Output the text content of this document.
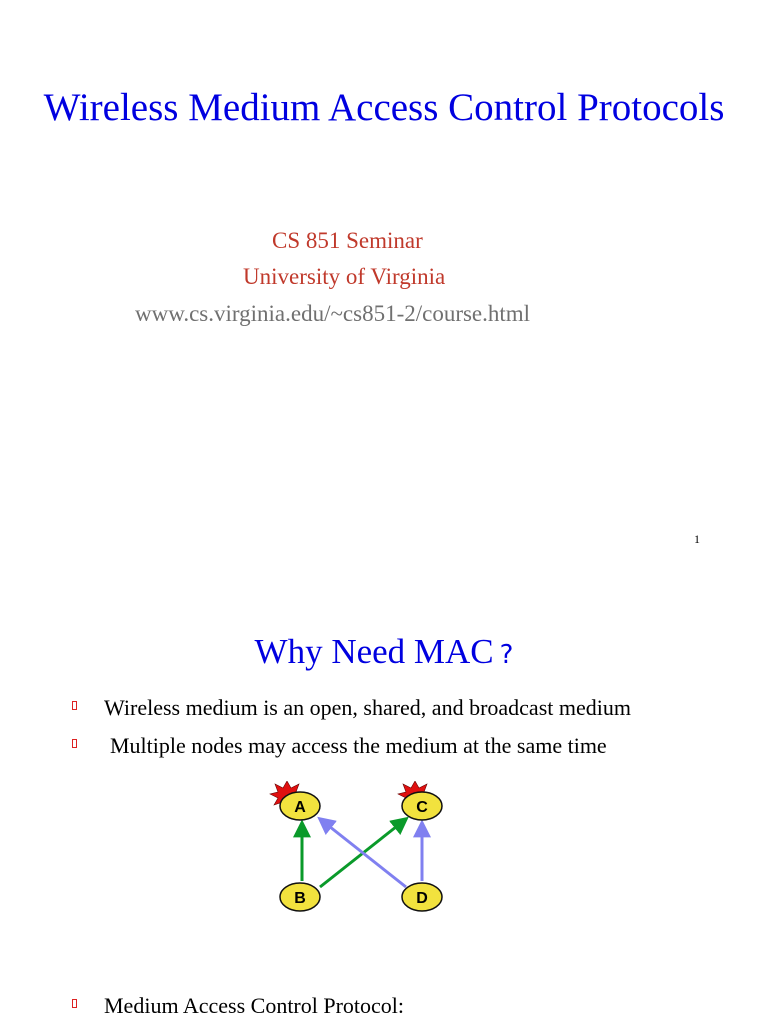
Wireless Medium Access Control Protocols

CS 851 Seminar

University of Virginia

www.cs.virginia.edu/~cs851-2/course.html

1
Why Need MAC ?
Wireless medium is an open, shared, and broadcast medium
Multiple nodes may access the medium at the same time
A	C
B	D
Medium Access Control Protocol:
